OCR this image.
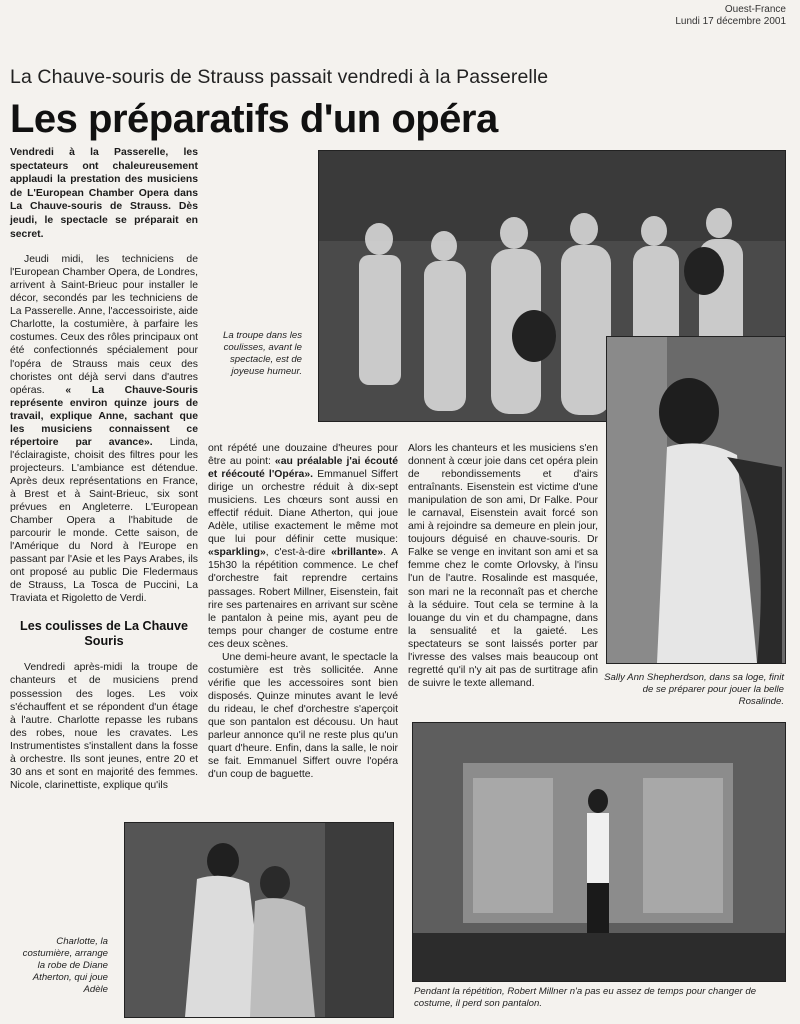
Ouest-France
Lundi 17 décembre 2001
La Chauve-souris de Strauss passait vendredi à la Passerelle
Les préparatifs d'un opéra

Vendredi à la Passerelle, les spectateurs ont chaleureusement applaudi la prestation des musiciens de L'European Chamber Opera dans La Chauve-souris de Strauss. Dès jeudi, le spectacle se préparait en secret.

Jeudi midi, les techniciens de l'European Chamber Opera, de Londres, arrivent à Saint-Brieuc pour installer le décor, secondés par les techniciens de La Passerelle. Anne, l'accessoiriste, aide Charlotte, la costumière, à parfaire les costumes. Ceux des rôles principaux ont été confectionnés spécialement pour l'opéra de Strauss mais ceux des choristes ont déjà servi dans d'autres opéras. « La Chauve-Souris représente environ quinze jours de travail, explique Anne, sachant que les musiciens connaissent ce répertoire par avance». Linda, l'éclairagiste, choisit des filtres pour les projecteurs. L'ambiance est détendue. Après deux représentations en France, à Brest et à Saint-Brieuc, six sont prévues en Angleterre. L'European Chamber Opera a l'habitude de parcourir le monde. Cette saison, de l'Amérique du Nord à l'Europe en passant par l'Asie et les Pays Arabes, ils ont proposé au public Die Fledermaus de Strauss, La Tosca de Puccini, La Traviata et Rigoletto de Verdi.

Les coulisses de La Chauve Souris

Vendredi après-midi la troupe de chanteurs et de musiciens prend possession des loges. Les voix s'échauffent et se répondent d'un étage à l'autre. Charlotte repasse les rubans des robes, noue les cravates. Les Instrumentistes s'installent dans la fosse à orchestre. Ils sont jeunes, entre 20 et 30 ans et sont en majorité des femmes. Nicole, clarinettiste, explique qu'ils

La troupe dans les coulisses, avant le spectacle, est de joyeuse humeur.

ont répété une douzaine d'heures pour être au point: «au préalable j'ai écouté et réécouté l'Opéra». Emmanuel Siffert dirige un orchestre réduit à dix-sept musiciens. Les chœurs sont aussi en effectif réduit. Diane Atherton, qui joue Adèle, utilise exactement le même mot que lui pour définir cette musique: «sparkling», c'est-à-dire «brillante». A 15h30 la répétition commence. Le chef d'orchestre fait reprendre certains passages. Robert Millner, Eisenstein, fait rire ses partenaires en arrivant sur scène le pantalon à peine mis, ayant peu de temps pour changer de costume entre ces deux scènes.

Une demi-heure avant, le spectacle la costumière est très sollicitée. Anne vérifie que les accessoires sont bien disposés. Quinze minutes avant le levé du rideau, le chef d'orchestre s'aperçoit que son pantalon est décousu. Un haut parleur annonce qu'il ne reste plus qu'un quart d'heure. Enfin, dans la salle, le noir se fait. Emmanuel Siffert ouvre l'opéra d'un coup de baguette.

Alors les chanteurs et les musiciens s'en donnent à cœur joie dans cet opéra plein de rebondissements et d'airs entraînants. Eisenstein est victime d'une manipulation de son ami, Dr Falke. Pour le carnaval, Eisenstein avait forcé son ami à rejoindre sa demeure en plein jour, toujours déguisé en chauve-souris. Dr Falke se venge en invitant son ami et sa femme chez le comte Orlovsky, à l'insu l'un de l'autre. Rosalinde est masquée, son mari ne la reconnaît pas et cherche à la séduire. Tout cela se termine à la louange du vin et du champagne, dans la sensualité et la gaieté. Les spectateurs se sont laissés porter par l'ivresse des valses mais beaucoup ont regretté qu'il n'y ait pas de surtitrage afin de suivre le texte allemand.

Sally Ann Shepherdson, dans sa loge, finit de se préparer pour jouer la belle Rosalinde.
Charlotte, la costumière, arrange la robe de Diane Atherton, qui joue Adèle	Pendant la répétition, Robert Millner n'a pas eu assez de temps pour changer de costume, il perd son pantalon.
